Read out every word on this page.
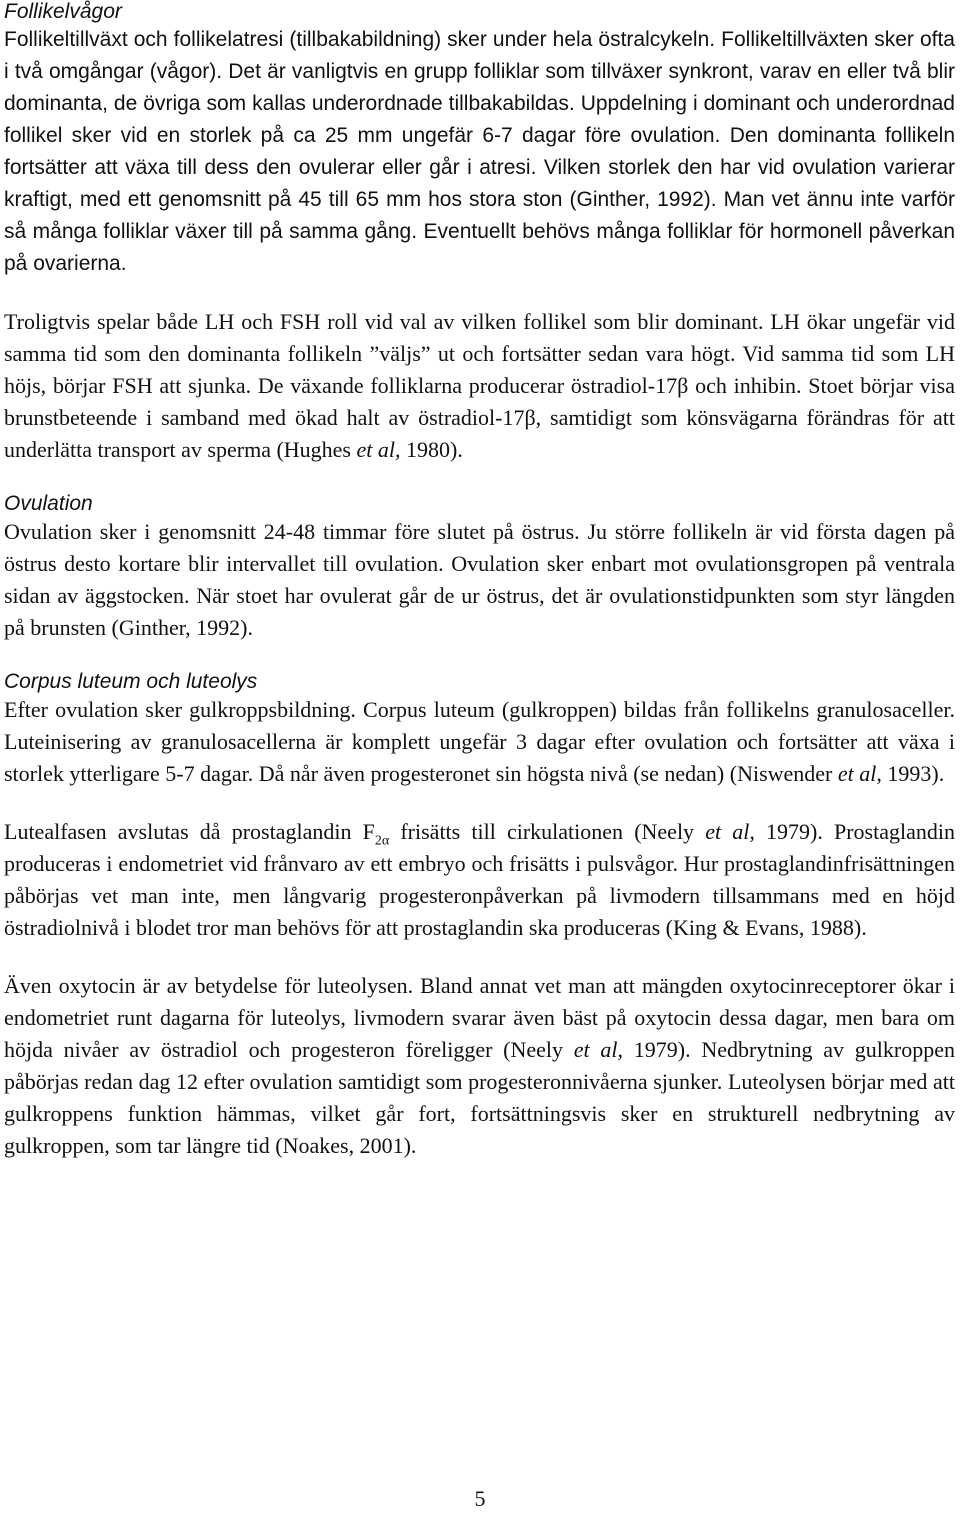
Follikelvågor

Follikeltillväxt och follikelatresi (tillbakabildning) sker under hela östralcykeln. Follikeltillväxten sker ofta i två omgångar (vågor). Det är vanligtvis en grupp folliklar som tillväxer synkront, varav en eller två blir dominanta, de övriga som kallas underordnade tillbakabildas. Uppdelning i dominant och underordnad follikel sker vid en storlek på ca 25 mm ungefär 6-7 dagar före ovulation. Den dominanta follikeln fortsätter att växa till dess den ovulerar eller går i atresi. Vilken storlek den har vid ovulation varierar kraftigt, med ett genomsnitt på 45 till 65 mm hos stora ston (Ginther, 1992). Man vet ännu inte varför så många folliklar växer till på samma gång. Eventuellt behövs många folliklar för hormonell påverkan på ovarierna.

Troligtvis spelar både LH och FSH roll vid val av vilken follikel som blir dominant. LH ökar ungefär vid samma tid som den dominanta follikeln ”väljs” ut och fortsätter sedan vara högt. Vid samma tid som LH höjs, börjar FSH att sjunka. De växande folliklarna producerar östradiol-17β och inhibin. Stoet börjar visa brunstbeteende i samband med ökad halt av östradiol-17β, samtidigt som könsvägarna förändras för att underlätta transport av sperma (Hughes et al, 1980).

Ovulation

Ovulation sker i genomsnitt 24-48 timmar före slutet på östrus. Ju större follikeln är vid första dagen på östrus desto kortare blir intervallet till ovulation. Ovulation sker enbart mot ovulationsgropen på ventrala sidan av äggstocken. När stoet har ovulerat går de ur östrus, det är ovulationstidpunkten som styr längden på brunsten (Ginther, 1992).

Corpus luteum och luteolys

Efter ovulation sker gulkroppsbildning. Corpus luteum (gulkroppen) bildas från follikelns granulosaceller. Luteinisering av granulosacellerna är komplett ungefär 3 dagar efter ovulation och fortsätter att växa i storlek ytterligare 5-7 dagar. Då når även progesteronet sin högsta nivå (se nedan) (Niswender et al, 1993).

Lutealfasen avslutas då prostaglandin $F_{2\alpha}$ frisätts till cirkulationen (Neely et al, 1979). Prostaglandin produceras i endometriet vid frånvaro av ett embryo och frisätts i pulsvågor. Hur prostaglandinfrisättningen påbörjas vet man inte, men långvarig progesteronpåverkan på livmodern tillsammans med en höjd östradiolnivå i blodet tror man behövs för att prostaglandin ska produceras (King & Evans, 1988).

Även oxytocin är av betydelse för luteolysen. Bland annat vet man att mängden oxytocinreceptorer ökar i endometriet runt dagarna för luteolys, livmodern svarar även bäst på oxytocin dessa dagar, men bara om höjda nivåer av östradiol och progesteron föreligger (Neely et al, 1979). Nedbrytning av gulkroppen påbörjas redan dag 12 efter ovulation samtidigt som progesteronnivåerna sjunker. Luteolysen börjar med att gulkroppens funktion hämmas, vilket går fort, fortsättningsvis sker en strukturell nedbrytning av gulkroppen, som tar längre tid (Noakes, 2001).

5
